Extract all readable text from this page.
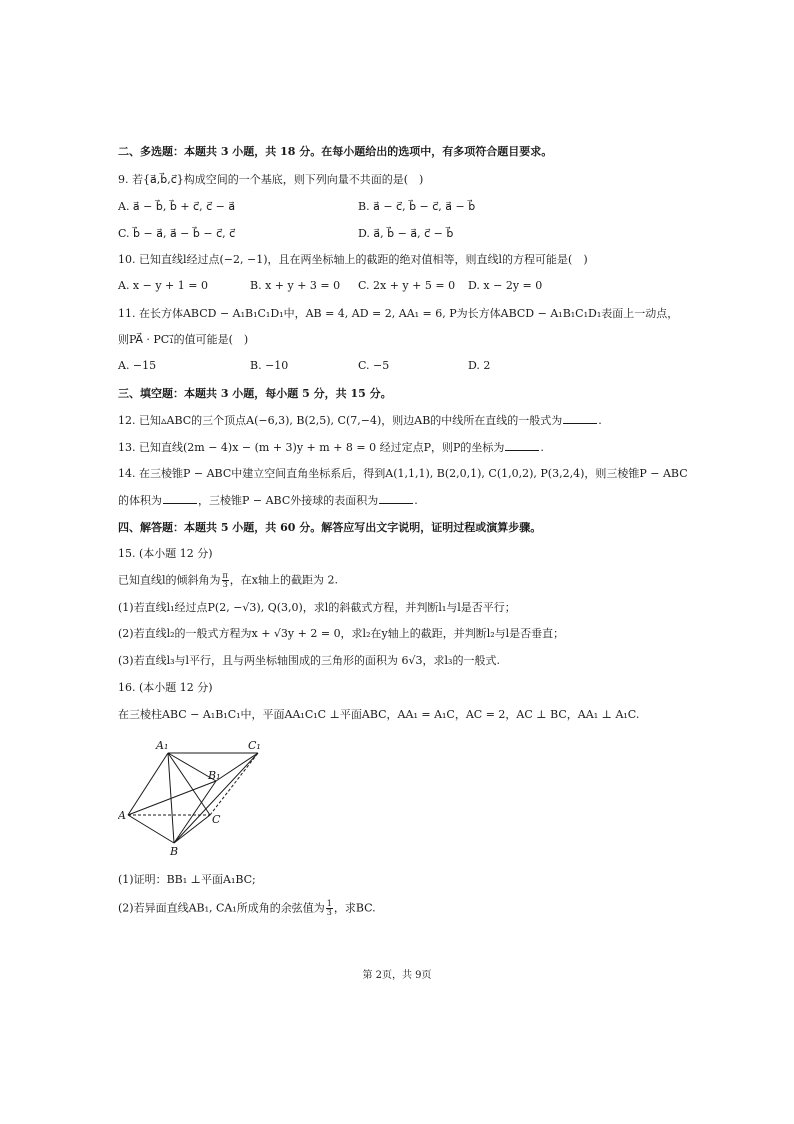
二、多选题：本题共 3 小题，共 18 分。在每小题给出的选项中，有多项符合题目要求。
9. 若{a⃗,b⃗,c⃗}构成空间的一个基底，则下列向量不共面的是(　)
A. a⃗ − b⃗, b⃗ + c⃗, c⃗ − a⃗	B. a⃗ − c⃗, b⃗ − c⃗, a⃗ − b⃗
C. b⃗ − a⃗, a⃗ − b⃗ − c⃗, c⃗	D. a⃗, b⃗ − a⃗, c⃗ − b⃗
10. 已知直线l经过点(−2, −1)，且在两坐标轴上的截距的绝对值相等，则直线l的方程可能是(　)
A. x − y + 1 = 0	B. x + y + 3 = 0 C. 2x + y + 5 = 0 D. x − 2y = 0
11. 在长方体ABCD − A₁B₁C₁D₁中，AB = 4, AD = 2, AA₁ = 6, P为长方体ABCD − A₁B₁C₁D₁表面上一动点，
则PA⃗ · PC₁⃗的值可能是(　)
A. −15	B. −10	C. −5	D. 2
三、填空题：本题共 3 小题，每小题 5 分，共 15 分。
12. 已知▵ABC的三个顶点A(−6,3), B(2,5), C(7,−4)，则边AB的中线所在直线的一般式为	.
13. 已知直线(2m − 4)x − (m + 3)y + m + 8 = 0 经过定点P，则P的坐标为	.
14. 在三棱锥P − ABC中建立空间直角坐标系后，得到A(1,1,1), B(2,0,1), C(1,0,2), P(3,2,4)，则三棱锥P − ABC
的体积为	，三棱锥P − ABC外接球的表面积为	.
四、解答题：本题共 5 小题，共 60 分。解答应写出文字说明，证明过程或演算步骤。
15. (本小题 12 分)
已知直线l的倾斜角为 $\frac{\pi}{3}$ ，在x轴上的截距为 2.
(1)若直线l₁经过点P(2, −√3), Q(3,0)，求l的斜截式方程，并判断l₁与l是否平行；
(2)若直线l₂的一般式方程为x + √3y + 2 = 0，求l₂在y轴上的截距，并判断l₂与l是否垂直；
(3)若直线l₃与l平行，且与两坐标轴围成的三角形的面积为 6√3，求l₃的一般式.
16. (本小题 12 分)
在三棱柱ABC − A₁B₁C₁中，平面AA₁C₁C ⊥平面ABC，AA₁ = A₁C，AC = 2，AC ⊥ BC，AA₁ ⊥ A₁C.
A₁	C₁
B₁
A	C
B
(1)证明：BB₁ ⊥平面A₁BC;
(2)若异面直线AB₁, CA₁所成角的余弦值为 $\frac{1}{3}$ ，求BC.
第 2页，共 9页
